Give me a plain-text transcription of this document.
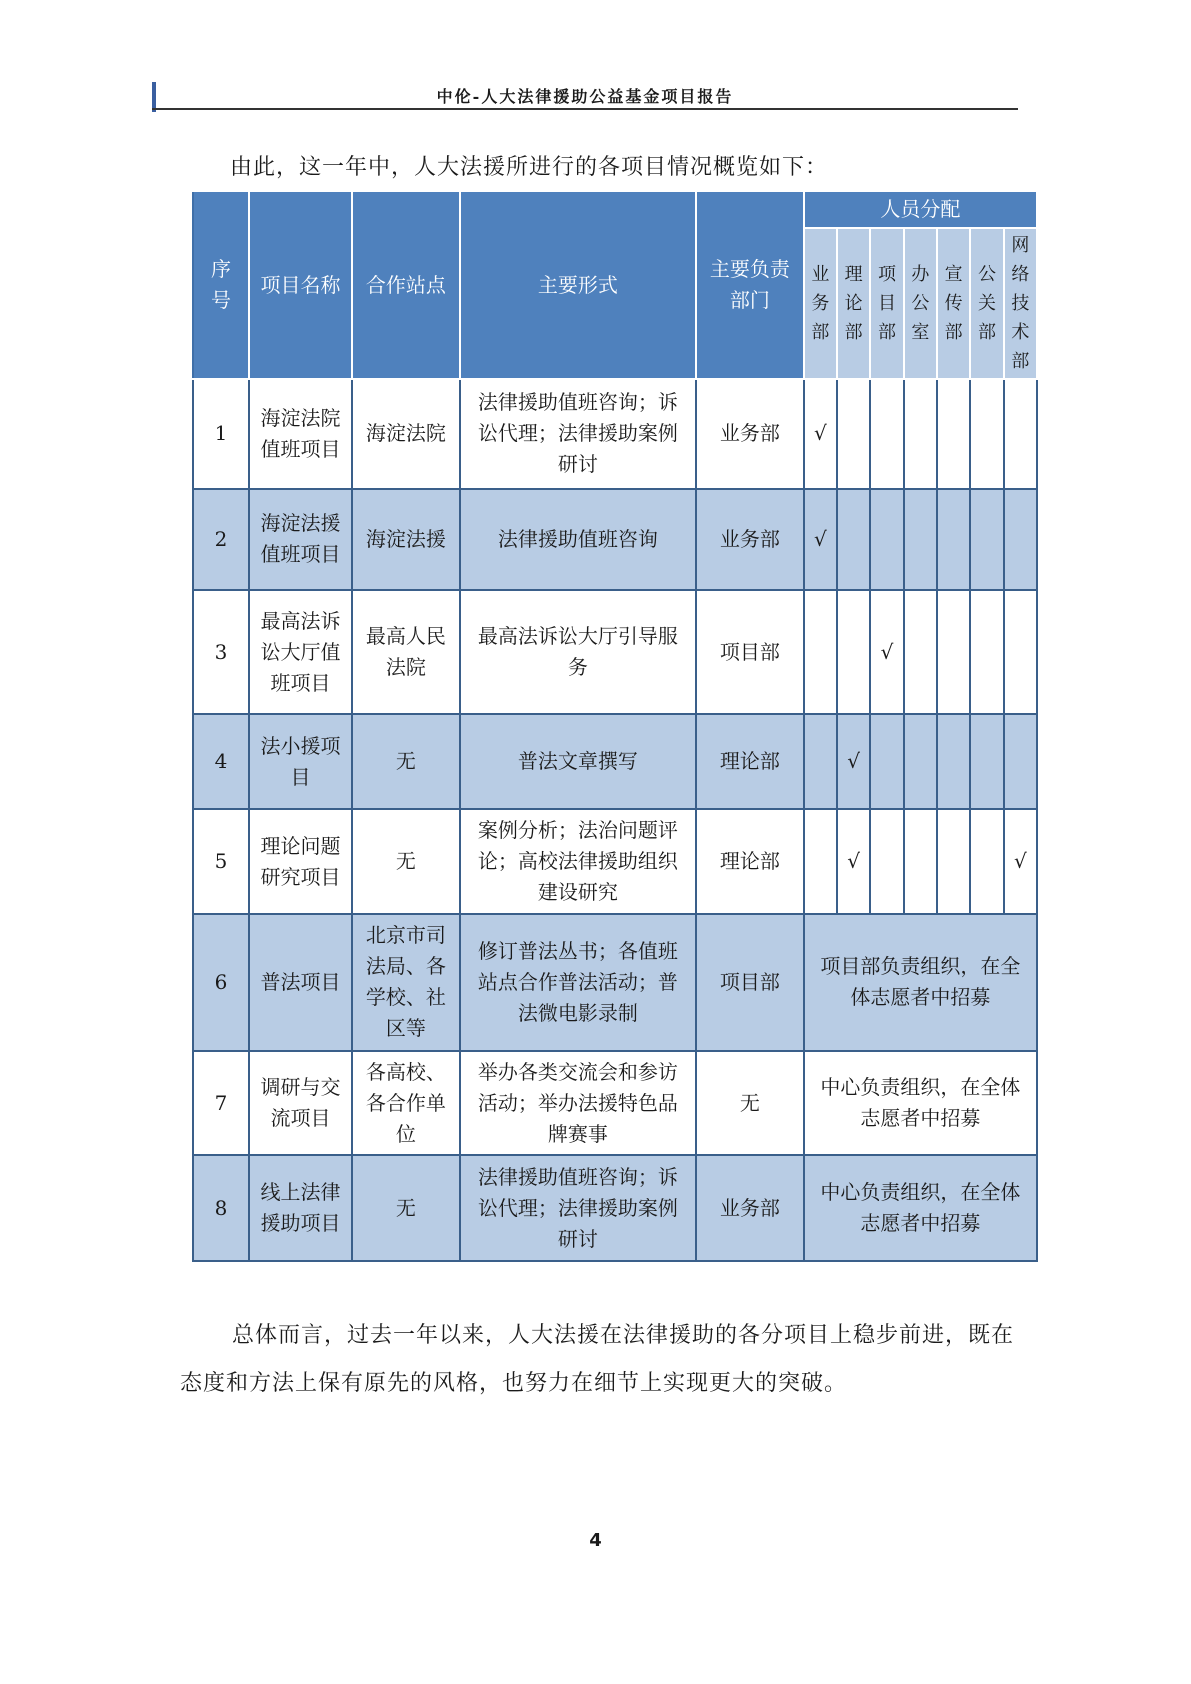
中伦-人大法律援助公益基金项目报告
由此，这一年中，人大法援所进行的各项目情况概览如下：
序号	项目名称	合作站点	主要形式	主要负责部门	人员分配						

					业
务
部	理
论
部	项
目
部	办
公
室	宣
传
部	公
关
部	网
络
技
术
部

1	海淀法院值班项目	海淀法院	法律援助值班咨询；诉讼代理；法律援助案例研讨	业务部	√						
2	海淀法援值班项目	海淀法援	法律援助值班咨询	业务部	√						
3	最高法诉讼大厅值班项目	最高人民法院	最高法诉讼大厅引导服务	项目部			√				
4	法小援项目	无	普法文章撰写	理论部		√					
5	理论问题研究项目	无	案例分析；法治问题评论；高校法律援助组织建设研究	理论部		√					√
6	普法项目	北京市司法局、各学校、社区等	修订普法丛书；各值班站点合作普法活动；普法微电影录制	项目部	项目部负责组织，在全体志愿者中招募						
7	调研与交流项目	各高校、各合作单位	举办各类交流会和参访活动；举办法援特色品牌赛事	无	中心负责组织，在全体志愿者中招募						
8	线上法律援助项目	无	法律援助值班咨询；诉讼代理；法律援助案例研讨	业务部	中心负责组织，在全体志愿者中招募						

总体而言，过去一年以来，人大法援在法律援助的各分项目上稳步前进，既在态度和方法上保有原先的风格，也努力在细节上实现更大的突破。

4
